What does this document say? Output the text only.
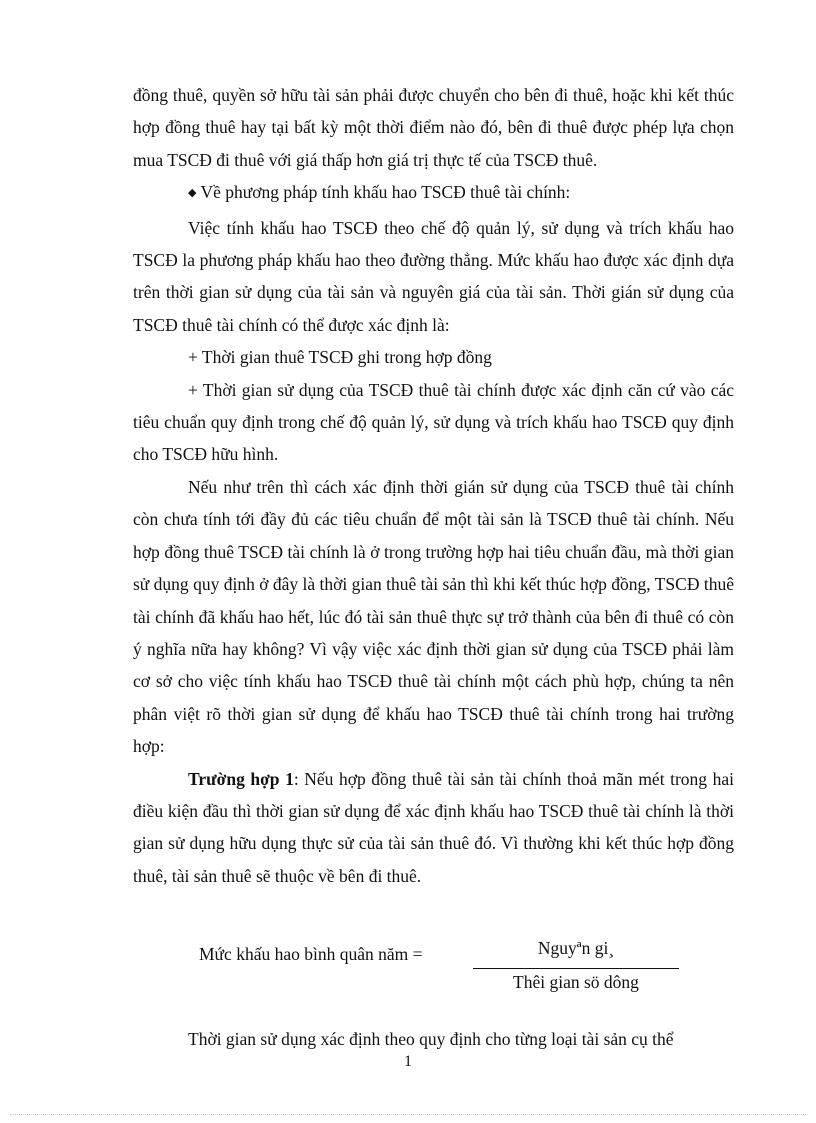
đồng thuê, quyền sở hữu tài sản phải được chuyển cho bên đi thuê, hoặc khi kết thúc hợp đồng thuê hay tại bất kỳ một thời điểm nào đó, bên đi thuê được phép lựa chọn mua TSCĐ đi thuê với giá thấp hơn giá trị thực tế của TSCĐ thuê.

◆ Về phương pháp tính khấu hao TSCĐ thuê tài chính:

Việc tính khấu hao TSCĐ theo chế độ quản lý, sử dụng và trích khấu hao TSCĐ la phương pháp khấu hao theo đường thẳng. Mức khấu hao được xác định dựa trên thời gian sử dụng của tài sản và nguyên giá của tài sản. Thời gián sử dụng của TSCĐ thuê tài chính có thể được xác định là:

+ Thời gian thuê TSCĐ ghi trong hợp đồng

+ Thời gian sử dụng của TSCĐ thuê tài chính được xác định căn cứ vào các tiêu chuẩn quy định trong chế độ quản lý, sử dụng và trích khấu hao TSCĐ quy định cho TSCĐ hữu hình.

Nếu như trên thì cách xác định thời gián sử dụng của TSCĐ thuê tài chính còn chưa tính tới đầy đủ các tiêu chuẩn để một tài sản là TSCĐ thuê tài chính. Nếu hợp đồng thuê TSCĐ tài chính là ở trong trường hợp hai tiêu chuẩn đầu, mà thời gian sử dụng quy định ở đây là thời gian thuê tài sản thì khi kết thúc hợp đồng, TSCĐ thuê tài chính đã khấu hao hết, lúc đó tài sản thuê thực sự trở thành của bên đi thuê có còn ý nghĩa nữa hay không? Vì vậy việc xác định thời gian sử dụng của TSCĐ phải làm cơ sở cho việc tính khấu hao TSCĐ thuê tài chính một cách phù hợp, chúng ta nên phân việt rõ thời gian sử dụng để khấu hao TSCĐ thuê tài chính trong hai trường hợp:

Trường hợp 1: Nếu hợp đồng thuê tài sản tài chính thoả mãn mét trong hai điều kiện đầu thì thời gian sử dụng để xác định khấu hao TSCĐ thuê tài chính là thời gian sử dụng hữu dụng thực sử của tài sản thuê đó. Vì thường khi kết thúc hợp đồng thuê, tài sản thuê sẽ thuộc về bên đi thuê.

Mức khấu hao bình quân năm =	Nguyªn gi¸
Thêi gian sö dông

Thời gian sử dụng xác định theo quy định cho từng loại tài sản cụ thể

1
